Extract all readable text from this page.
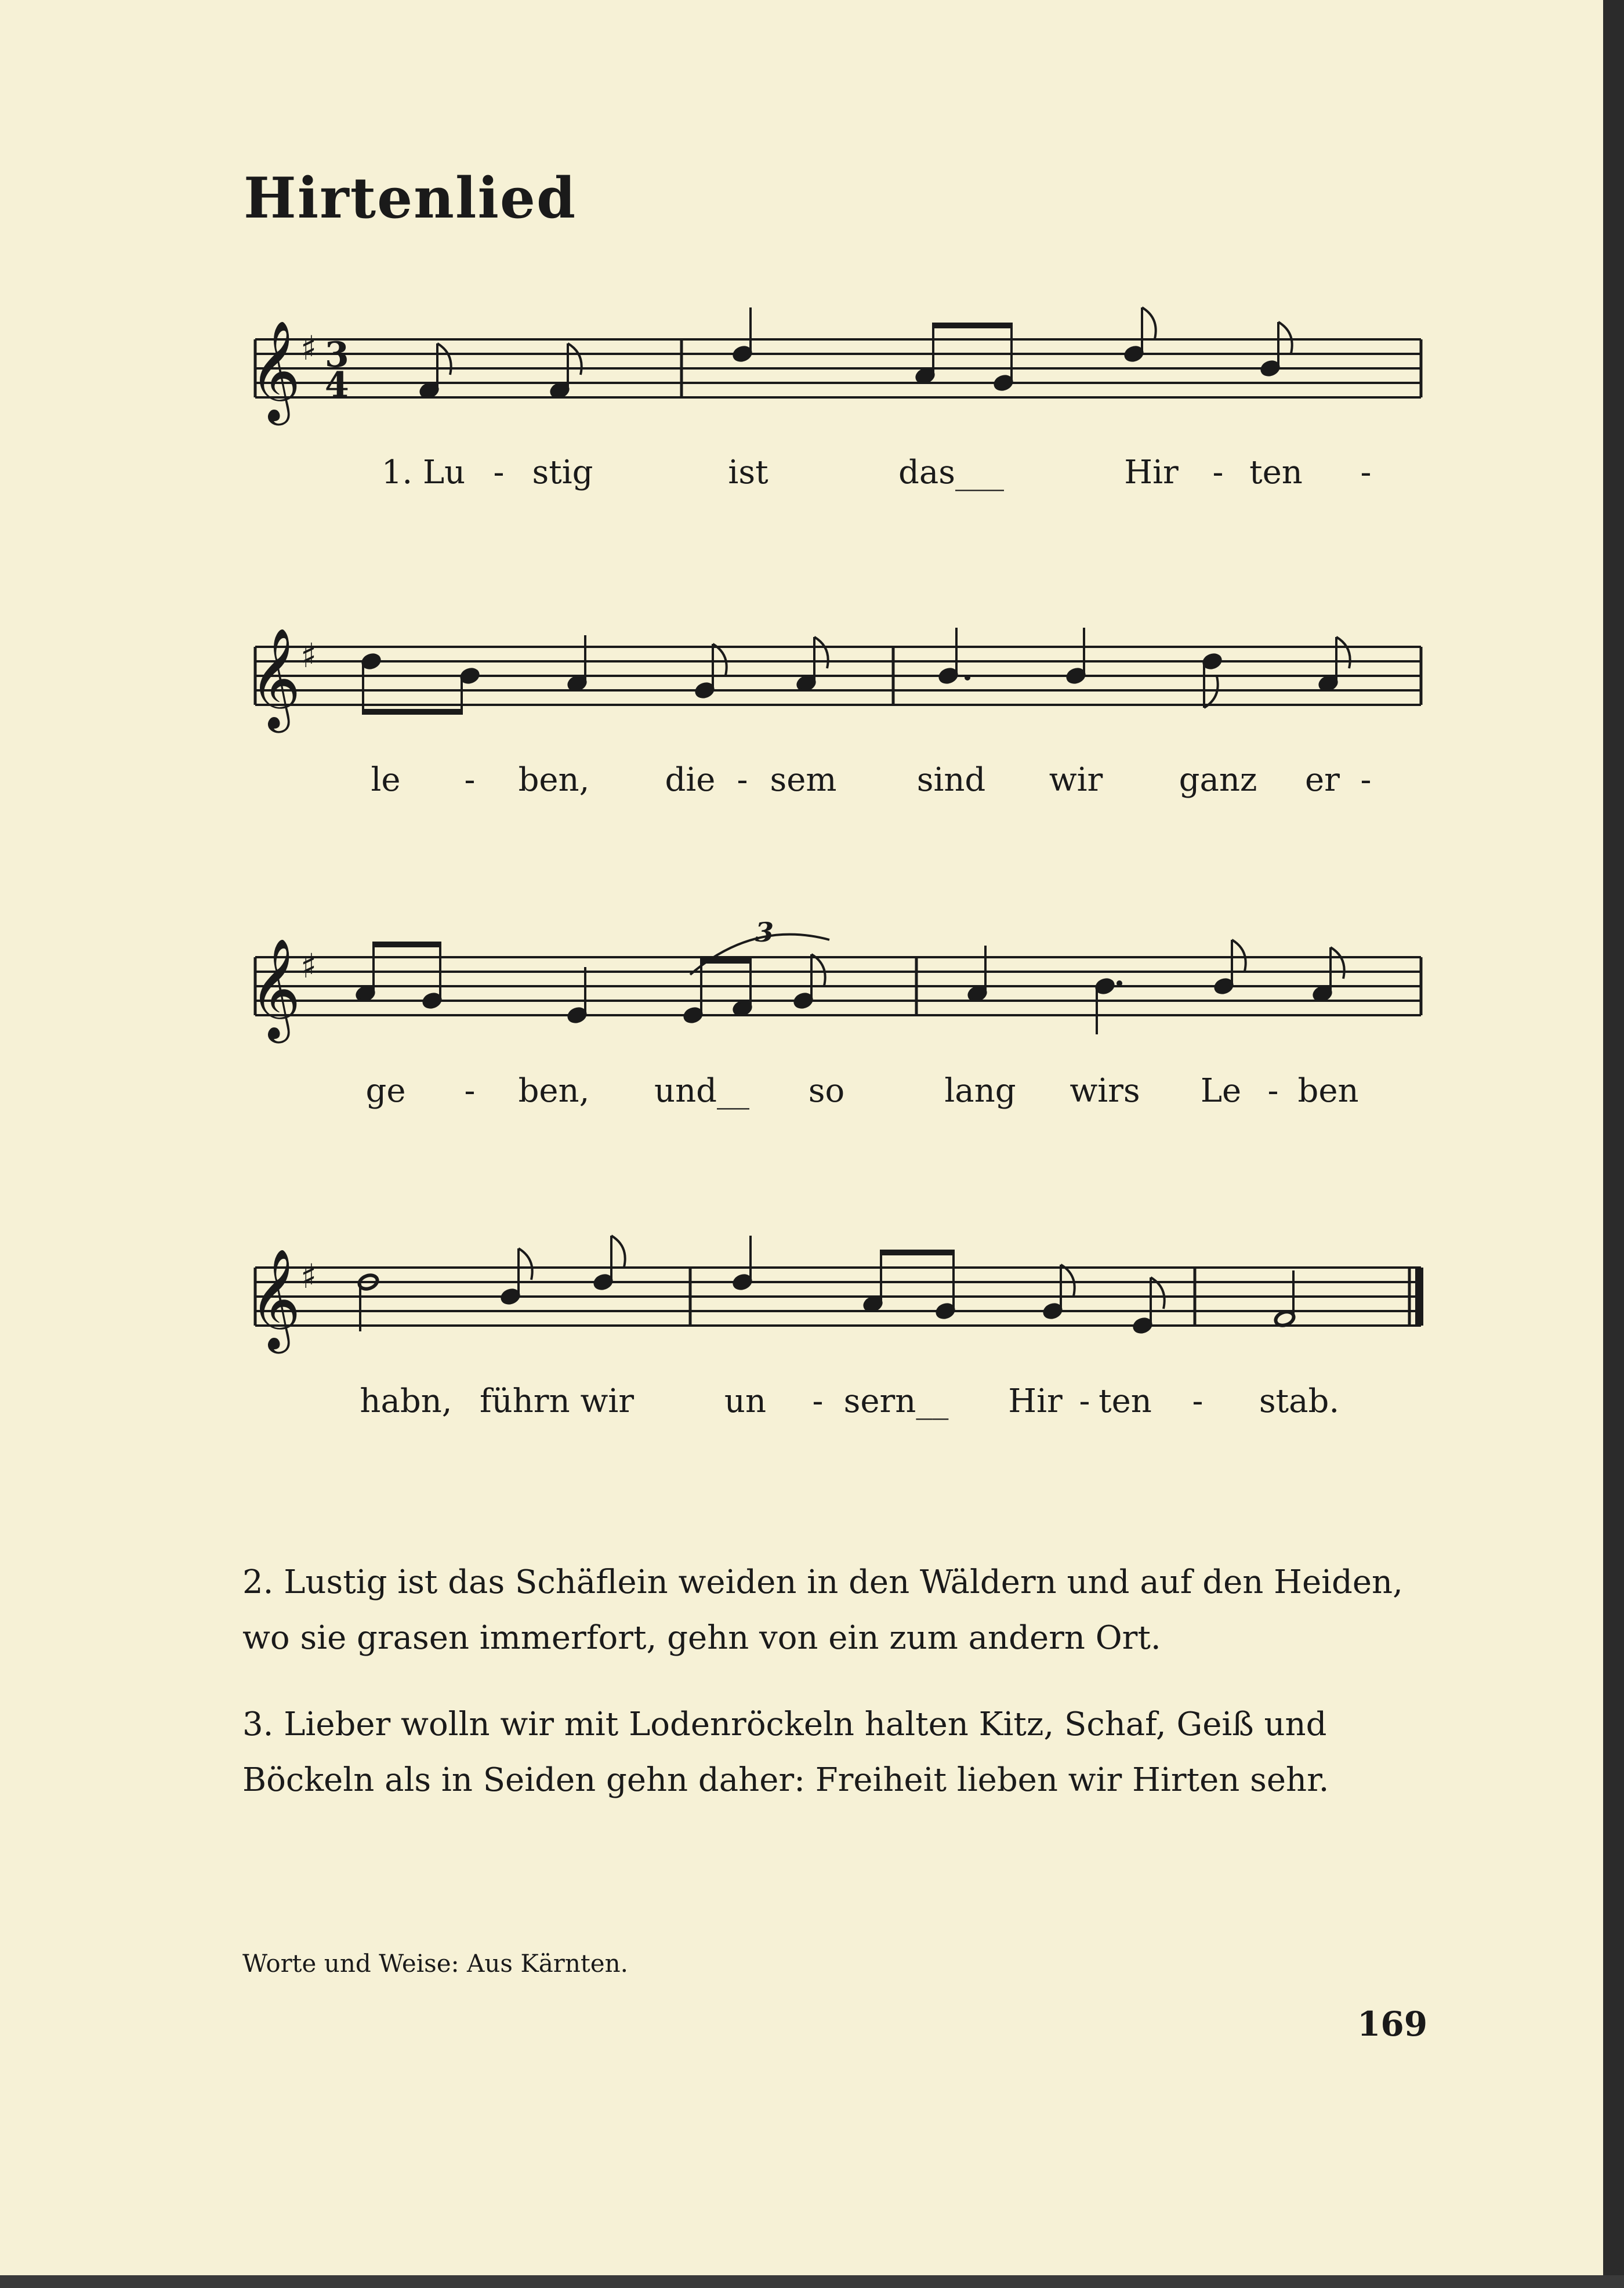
Hirtenlied
𝄞 ♯ 3
4
1. Lu - stig	ist	das___	Hir - ten -
𝄞 ♯
le - ben, die - sem sind wir ganz er -
𝄞 ♯
3
ge - ben, und__ so	lang wirs Le - ben
𝄞 ♯
habn, führn wir	un - sern__ Hir - ten - stab.
2. Lustig ist das Schäflein weiden in den Wäldern und auf den Heiden, wo sie grasen immerfort, gehn von ein zum andern Ort.
3. Lieber wolln wir mit Lodenröckeln halten Kitz, Schaf, Geiß und Böckeln als in Seiden gehn daher: Freiheit lieben wir Hirten sehr.
Worte und Weise: Aus Kärnten.
169
